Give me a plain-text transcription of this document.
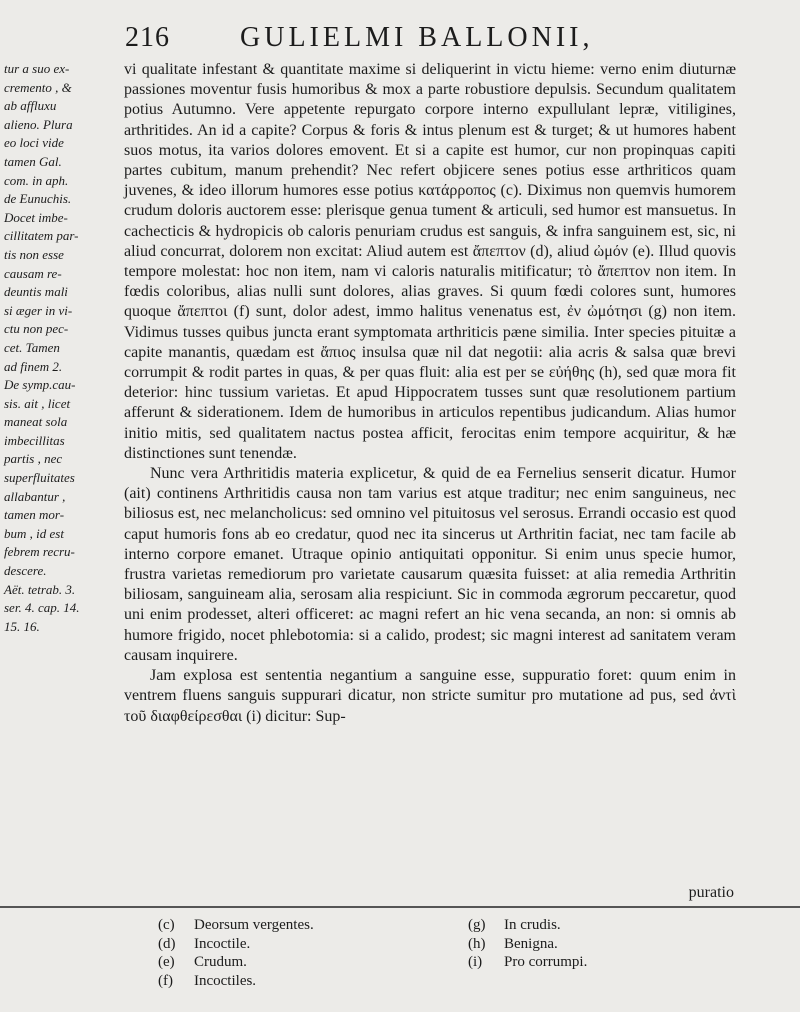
216	GULIELMI BALLONII,
tur a suo ex-
cremento , &
ab affluxu
alieno. Plura
eo loci vide
tamen Gal.
com. in aph.
de Eunuchis.
Docet imbe-
cillitatem par-
tis non esse
causam re-
deuntis mali
si æger in vi-
ctu non pec-
cet. Tamen
ad finem 2.
De symp.cau-
sis. ait , licet
maneat sola
imbecillitas
partis , nec
superfluitates
allabantur ,
tamen mor-
bum , id est
febrem recru-
descere.
Aët. tetrab. 3.
ser. 4. cap. 14.
15. 16.

vi qualitate infestant & quantitate maxime si deliquerint in victu hieme: verno enim diuturnæ passiones moventur fusis humoribus & mox a parte robustiore depulsis. Secundum qualitatem potius Autumno. Vere appetente repurgato corpore interno expullulant lepræ, vitiligines, arthritides. An id a capite? Corpus & foris & intus plenum est & turget; & ut humores habent suos motus, ita varios dolores emovent. Et si a capite est humor, cur non propinquas capiti partes cubitum, manum prehendit? Nec refert objicere senes potius esse arthriticos quam juvenes, & ideo illorum humores esse potius κατάρροπος (c). Diximus non quemvis humorem crudum doloris auctorem esse: plerisque genua tument & articuli, sed humor est mansuetus. In cachecticis & hydropicis ob caloris penuriam crudus est sanguis, & infra sanguinem est, sic, ni aliud concurrat, dolorem non excitat: Aliud autem est ἄπεπτον (d), aliud ὠμόν (e). Illud quovis tempore molestat: hoc non item, nam vi caloris naturalis mitificatur; τὸ ἄπεπτον non item. In fœdis coloribus, alias nulli sunt dolores, alias graves. Si quum fœdi colores sunt, humores quoque ἄπεπτοι (f) sunt, dolor adest, immo halitus venenatus est, ἐν ὠμότησι (g) non item. Vidimus tusses quibus juncta erant symptomata arthriticis pæne similia. Inter species pituitæ a capite manantis, quædam est ἄπιος insulsa quæ nil dat negotii: alia acris & salsa quæ brevi corrumpit & rodit partes in quas, & per quas fluit: alia est per se εὐήθης (h), sed quæ mora fit deterior: hinc tussium varietas. Et apud Hippocratem tusses sunt quæ resolutionem partium afferunt & siderationem. Idem de humoribus in articulos repentibus judicandum. Alias humor initio mitis, sed qualitatem nactus postea afficit, ferocitas enim tempore acquiritur, & hæ distinctiones sunt tenendæ.

Nunc vera Arthritidis materia explicetur, & quid de ea Fernelius senserit dicatur. Humor (ait) continens Arthritidis causa non tam varius est atque traditur; nec enim sanguineus, nec biliosus est, nec melancholicus: sed omnino vel pituitosus vel serosus. Errandi occasio est quod caput humoris fons ab eo credatur, quod nec ita sincerus ut Arthritin faciat, nec tam facile ab interno corpore emanet. Utraque opinio antiquitati opponitur. Si enim unus specie humor, frustra varietas remediorum pro varietate causarum quæsita fuisset: at alia remedia Arthritin biliosam, sanguineam alia, serosam alia respiciunt. Sic in commoda ægrorum peccaretur, quod uni enim prodesset, alteri officeret: ac magni refert an hic vena secanda, an non: si omnis ab humore frigido, nocet phlebotomia: si a calido, prodest; sic magni interest ad sanitatem veram causam inquirere.

Jam explosa est sententia negantium a sanguine esse, suppuratio foret: quum enim in ventrem fluens sanguis suppurari dicatur, non stricte sumitur pro mutatione ad pus, sed ἀντὶ τοῦ διαφθείρεσθαι (i) dicitur: Sup-

puratio
(c) Deorsum vergentes.
(d) Incoctile.
(e) Crudum.
(f) Incoctiles.
(g) In crudis.
(h) Benigna.
(i) Pro corrumpi.
